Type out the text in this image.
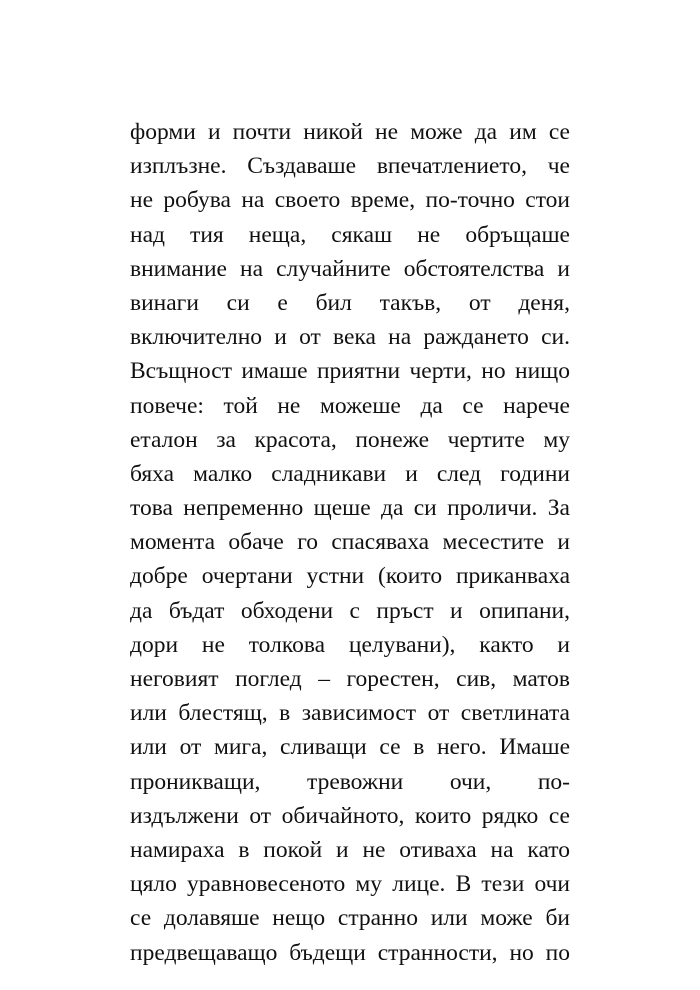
форми и почти никой не може да им се
изплъзне. Създаваше впечатлението, че
не робува на своето време, по-точно стои
над тия неща, сякаш не обръщаше
внимание на случайните обстоятелства и
винаги си е бил такъв, от деня,
включително и от века на раждането си.
Всъщност имаше приятни черти, но нищо
повече: той не можеше да се нарече
еталон за красота, понеже чертите му
бяха малко сладникави и след години
това непременно щеше да си проличи. За
момента обаче го спасяваха месестите и
добре очертани устни (които приканваха
да бъдат обходени с пръст и опипани,
дори не толкова целувани), както и
неговият поглед – горестен, сив, матов
или блестящ, в зависимост от светлината
или от мига, сливащи се в него. Имаше
проникващи, тревожни очи, по-
издължени от обичайното, които рядко се
намираха в покой и не отиваха на като
цяло уравновесеното му лице. В тези очи
се долавяше нещо странно или може би
предвещаващо бъдещи странности, но по
